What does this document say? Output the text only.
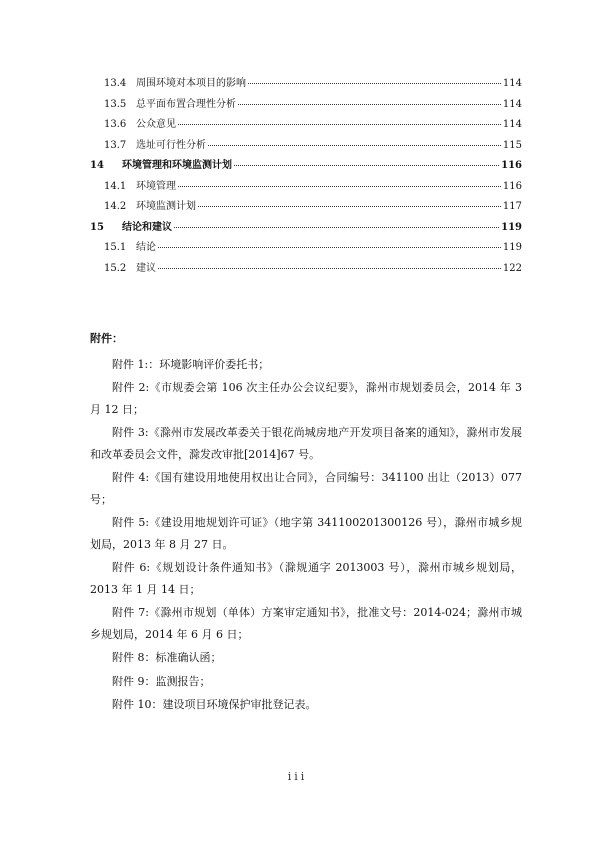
13.4 周围环境对本项目的影响	114
13.5 总平面布置合理性分析	114
13.6 公众意见	114
13.7 选址可行性分析	115
14	环境管理和环境监测计划	116
14.1 环境管理	116
14.2 环境监测计划	117
15	结论和建议	119
15.1 结论	119
15.2 建议	122
附件：

附件 1:：环境影响评价委托书；

附件 2:《市规委会第 106 次主任办公会议纪要》，滁州市规划委员会，2014 年 3 月 12 日；

附件 3:《滁州市发展改革委关于银花尚城房地产开发项目备案的通知》，滁州市发展和改革委员会文件，滁发改审批[2014]67 号。

附件 4:《国有建设用地使用权出让合同》，合同编号：341100 出让（2013）077 号；

附件 5:《建设用地规划许可证》（地字第 341100201300126 号），滁州市城乡规划局，2013 年 8 月 27 日。

附件 6:《规划设计条件通知书》（滁规通字 2013003 号），滁州市城乡规划局，2013 年 1 月 14 日；

附件 7:《滁州市规划（单体）方案审定通知书》，批准文号：2014-024；滁州市城乡规划局，2014 年 6 月 6 日；

附件 8：标准确认函；

附件 9：监测报告；

附件 10：建设项目环境保护审批登记表。

iii
